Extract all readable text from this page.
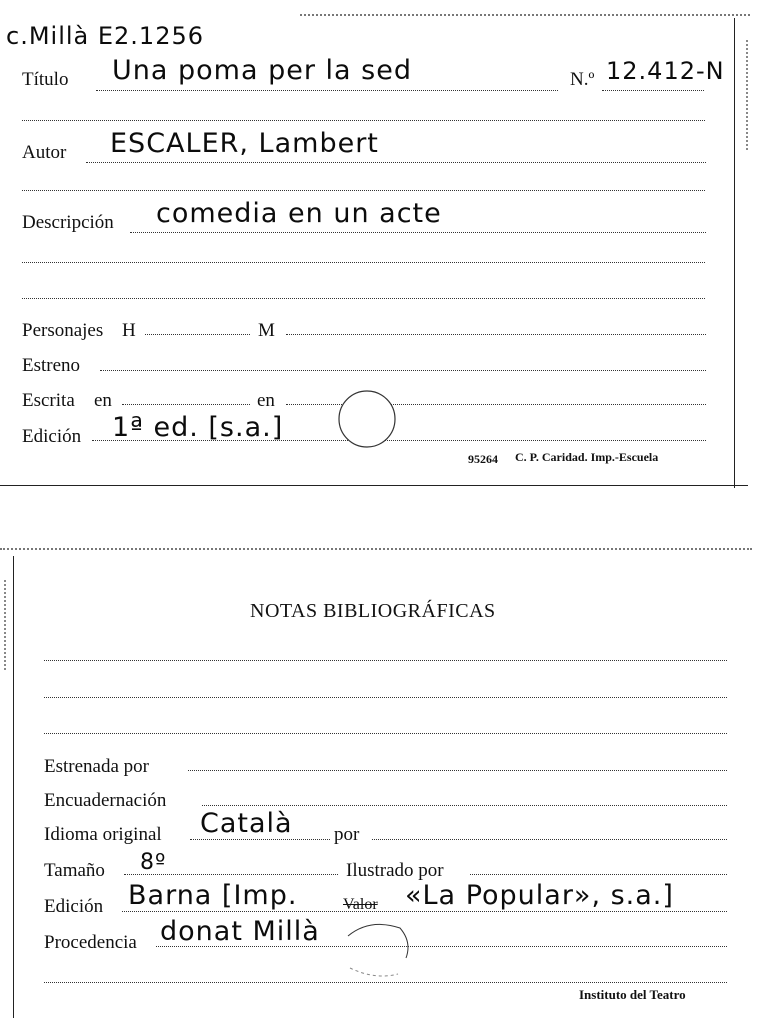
c.Millà E2.1256
Título Una poma per la sed	N.º 12.412-N
Autor ESCALER, Lambert
Descripción comedia en un acte
Personajes H	M
Estreno
Escrita en	en
Edición 1ª ed. [s.a.]
95264 C. P. Caridad. Imp.-Escuela
NOTAS BIBLIOGRÁFICAS
Estrenada por
Encuadernación
Idioma original Català por
Tamaño 8º	Ilustrado por
Edición Barna [Imp.	Valor «La Popular», s.a.]
Procedencia donat Millà
Instituto del Teatro
